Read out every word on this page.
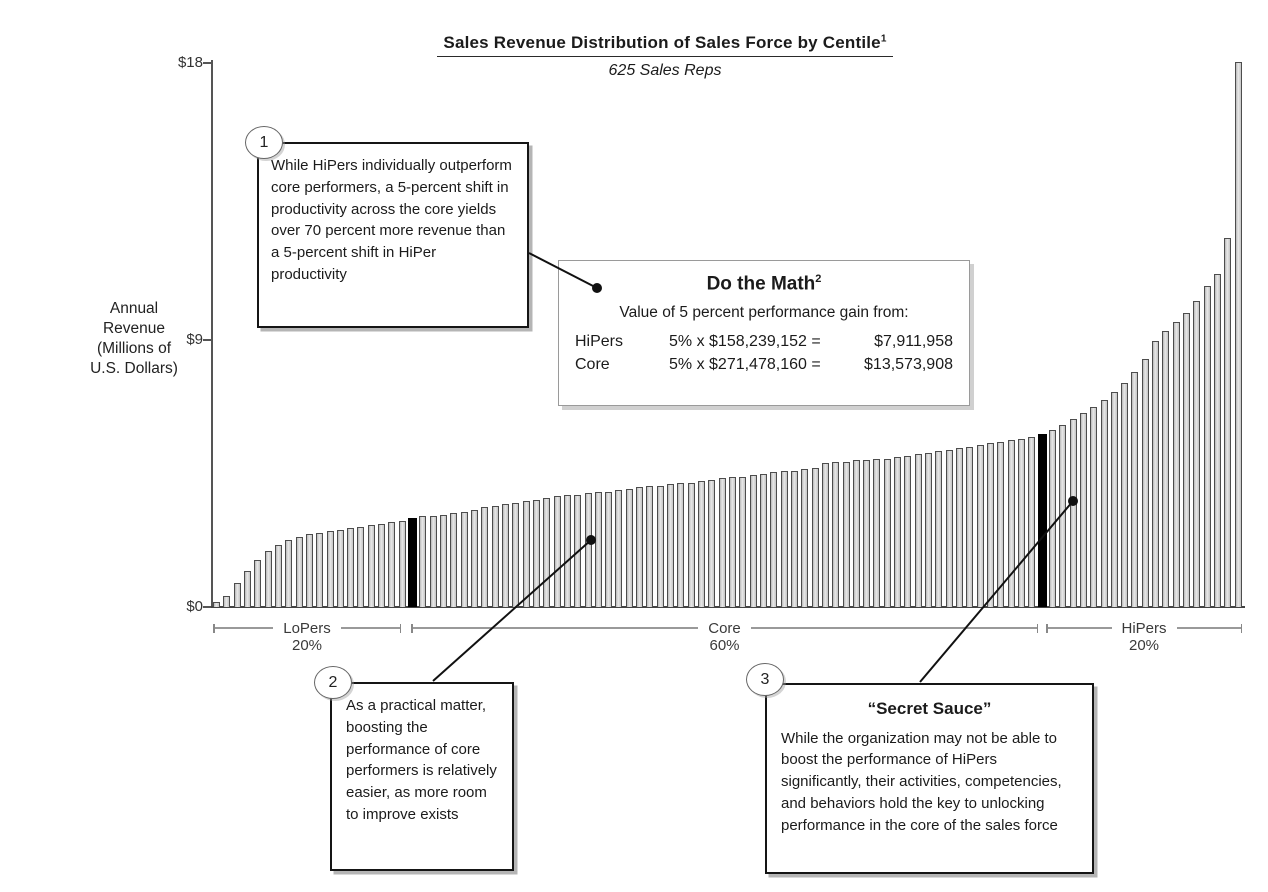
Sales Revenue Distribution of Sales Force by Centile$^1$
625 Sales Reps
Annual
Revenue
(Millions of
U.S. Dollars)
$18
$9
$0
LoPers
20%
Core
60%
HiPers
20%
While HiPers individually outperform core performers, a 5-percent shift in productivity across the core yields over 70 percent more revenue than a 5-percent shift in HiPer productivity
1
Do the Math$^2$
Value of 5 percent performance gain from:
HiPers	5% x $158,239,152 =	$7,911,958
Core	5% x $271,478,160 =	$13,573,908
As a practical matter, boosting the performance of core performers is relatively easier, as more room to improve exists
2
“Secret Sauce”
While the organization may not be able to boost the performance of HiPers significantly, their activities, competencies, and behaviors hold the key to unlocking performance in the core of the sales force
3
